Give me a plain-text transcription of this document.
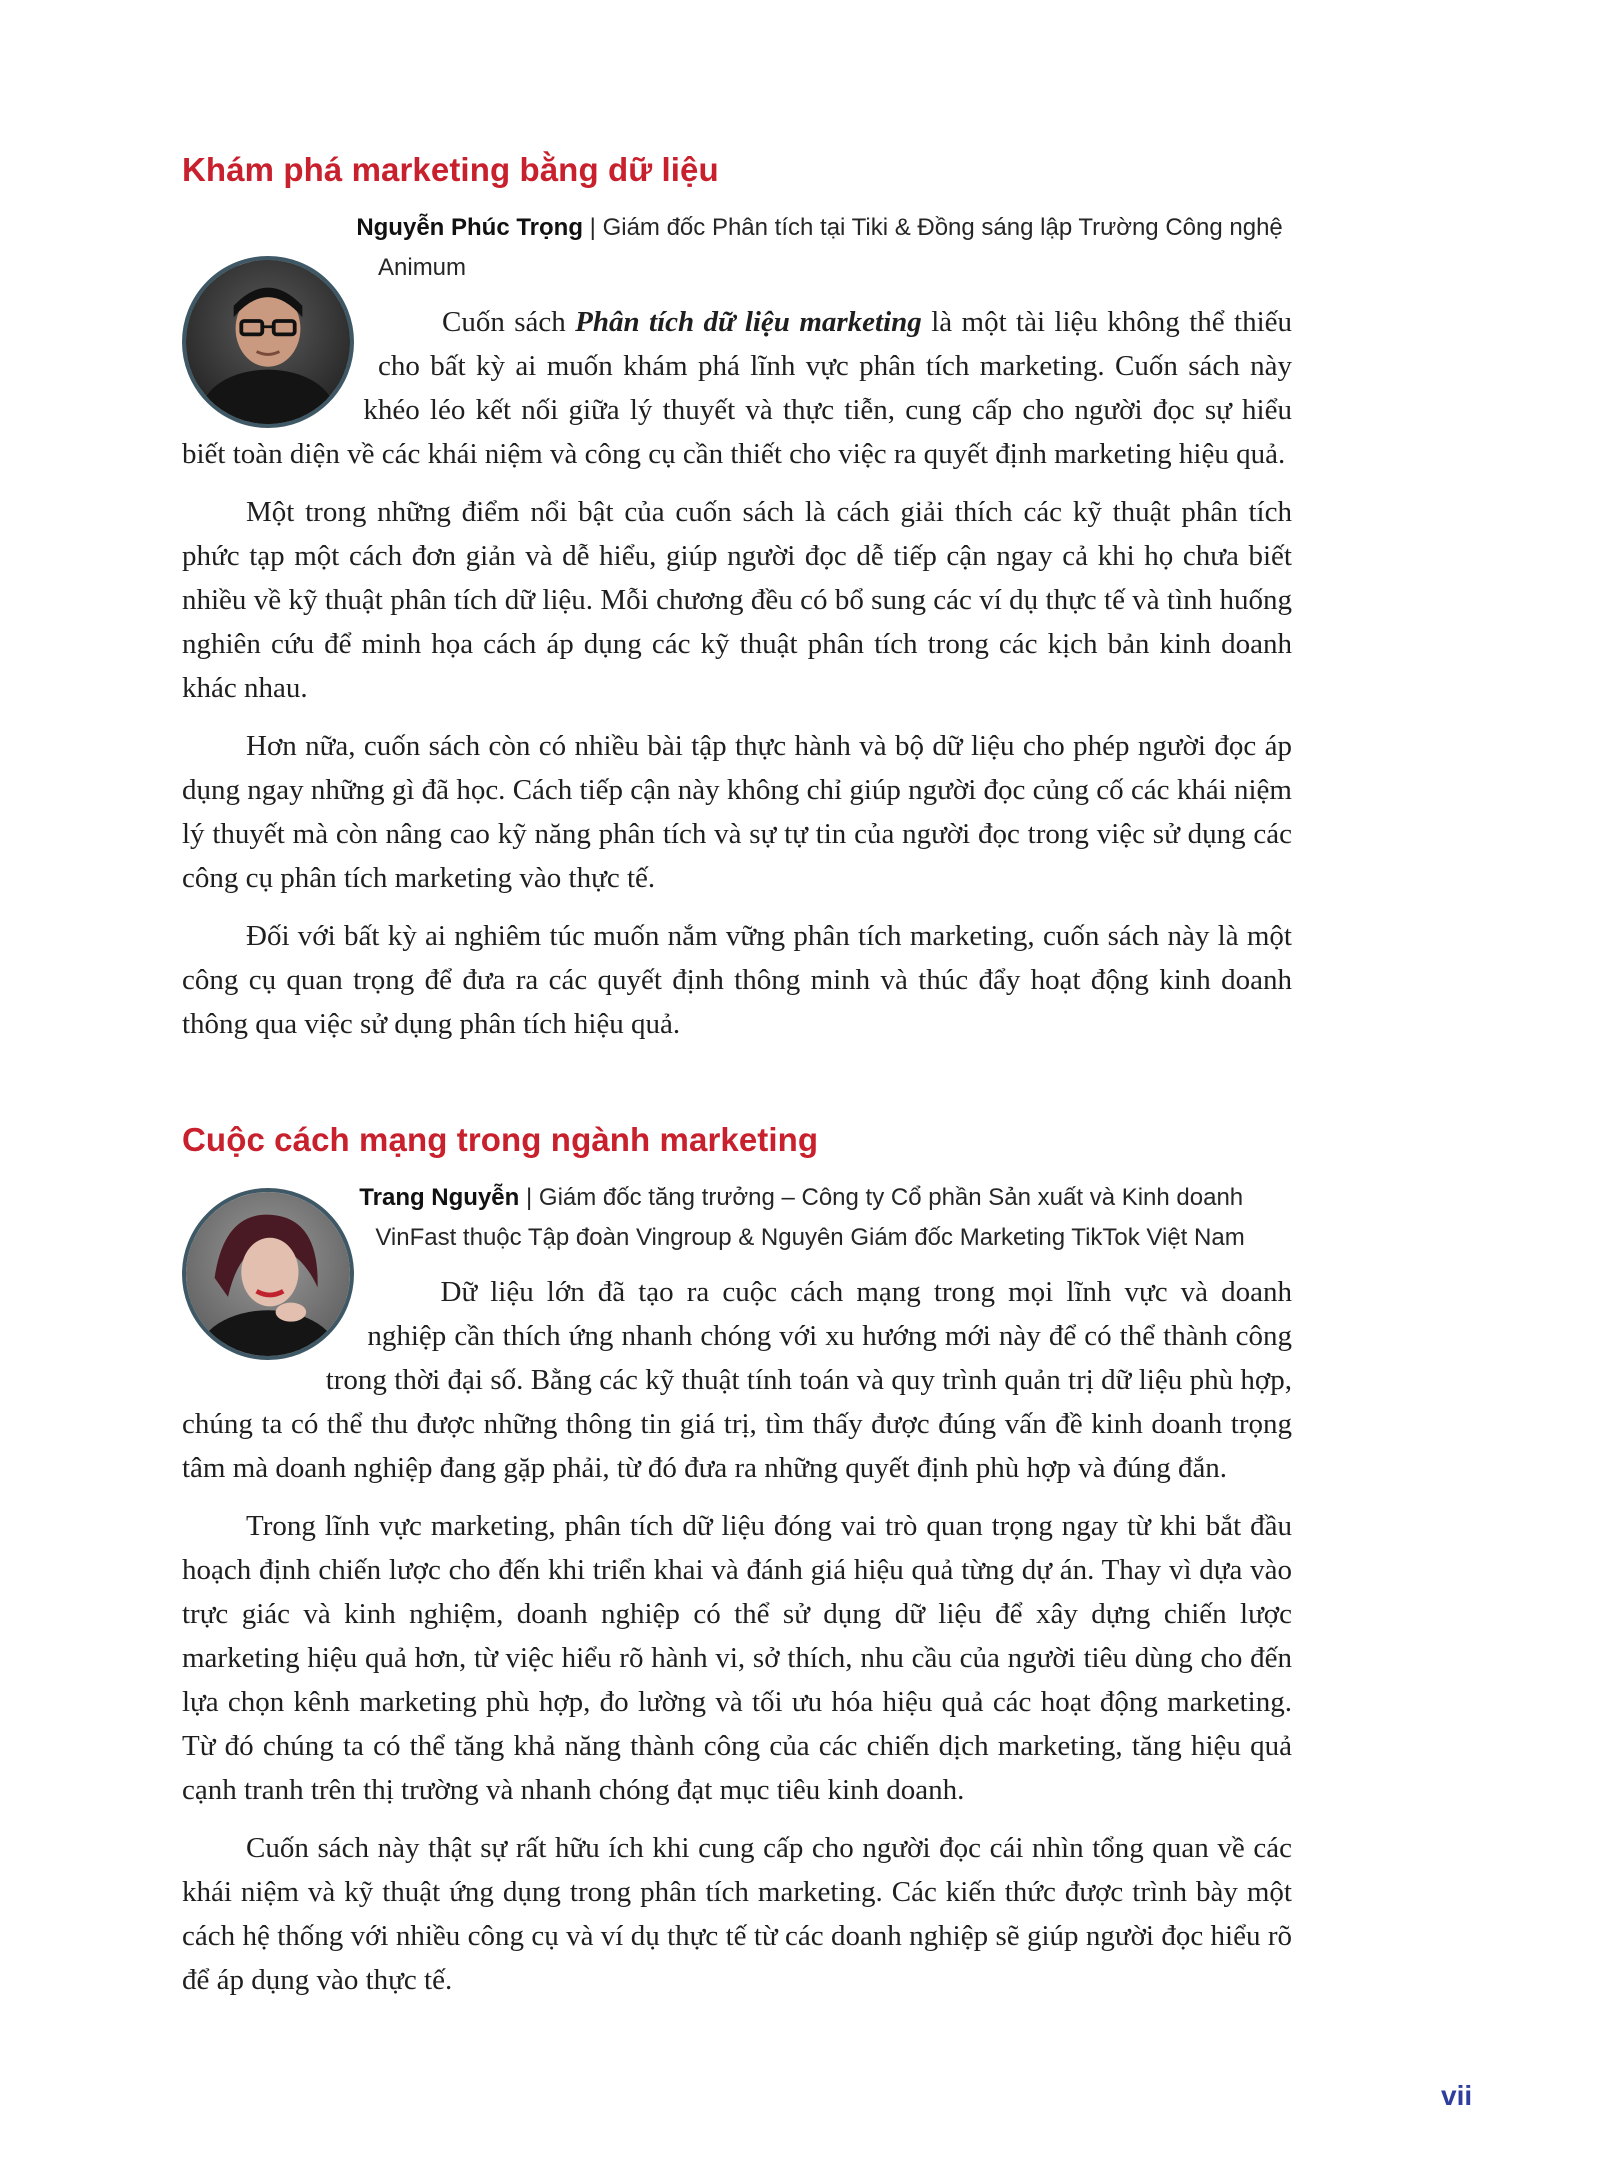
Khám phá marketing bằng dữ liệu

Nguyễn Phúc Trọng | Giám đốc Phân tích tại Tiki & Đồng sáng lập Trường Công nghệ Animum

Cuốn sách Phân tích dữ liệu marketing là một tài liệu không thể thiếu cho bất kỳ ai muốn khám phá lĩnh vực phân tích marketing. Cuốn sách này khéo léo kết nối giữa lý thuyết và thực tiễn, cung cấp cho người đọc sự hiểu biết toàn diện về các khái niệm và công cụ cần thiết cho việc ra quyết định marketing hiệu quả.

Một trong những điểm nổi bật của cuốn sách là cách giải thích các kỹ thuật phân tích phức tạp một cách đơn giản và dễ hiểu, giúp người đọc dễ tiếp cận ngay cả khi họ chưa biết nhiều về kỹ thuật phân tích dữ liệu. Mỗi chương đều có bổ sung các ví dụ thực tế và tình huống nghiên cứu để minh họa cách áp dụng các kỹ thuật phân tích trong các kịch bản kinh doanh khác nhau.

Hơn nữa, cuốn sách còn có nhiều bài tập thực hành và bộ dữ liệu cho phép người đọc áp dụng ngay những gì đã học. Cách tiếp cận này không chỉ giúp người đọc củng cố các khái niệm lý thuyết mà còn nâng cao kỹ năng phân tích và sự tự tin của người đọc trong việc sử dụng các công cụ phân tích marketing vào thực tế.

Đối với bất kỳ ai nghiêm túc muốn nắm vững phân tích marketing, cuốn sách này là một công cụ quan trọng để đưa ra các quyết định thông minh và thúc đẩy hoạt động kinh doanh thông qua việc sử dụng phân tích hiệu quả.

Cuộc cách mạng trong ngành marketing

Trang Nguyễn | Giám đốc tăng trưởng – Công ty Cổ phần Sản xuất và Kinh doanh VinFast thuộc Tập đoàn Vingroup & Nguyên Giám đốc Marketing TikTok Việt Nam

Dữ liệu lớn đã tạo ra cuộc cách mạng trong mọi lĩnh vực và doanh nghiệp cần thích ứng nhanh chóng với xu hướng mới này để có thể thành công trong thời đại số. Bằng các kỹ thuật tính toán và quy trình quản trị dữ liệu phù hợp, chúng ta có thể thu được những thông tin giá trị, tìm thấy được đúng vấn đề kinh doanh trọng tâm mà doanh nghiệp đang gặp phải, từ đó đưa ra những quyết định phù hợp và đúng đắn.

Trong lĩnh vực marketing, phân tích dữ liệu đóng vai trò quan trọng ngay từ khi bắt đầu hoạch định chiến lược cho đến khi triển khai và đánh giá hiệu quả từng dự án. Thay vì dựa vào trực giác và kinh nghiệm, doanh nghiệp có thể sử dụng dữ liệu để xây dựng chiến lược marketing hiệu quả hơn, từ việc hiểu rõ hành vi, sở thích, nhu cầu của người tiêu dùng cho đến lựa chọn kênh marketing phù hợp, đo lường và tối ưu hóa hiệu quả các hoạt động marketing. Từ đó chúng ta có thể tăng khả năng thành công của các chiến dịch marketing, tăng hiệu quả cạnh tranh trên thị trường và nhanh chóng đạt mục tiêu kinh doanh.

Cuốn sách này thật sự rất hữu ích khi cung cấp cho người đọc cái nhìn tổng quan về các khái niệm và kỹ thuật ứng dụng trong phân tích marketing. Các kiến thức được trình bày một cách hệ thống với nhiều công cụ và ví dụ thực tế từ các doanh nghiệp sẽ giúp người đọc hiểu rõ để áp dụng vào thực tế.

vii
